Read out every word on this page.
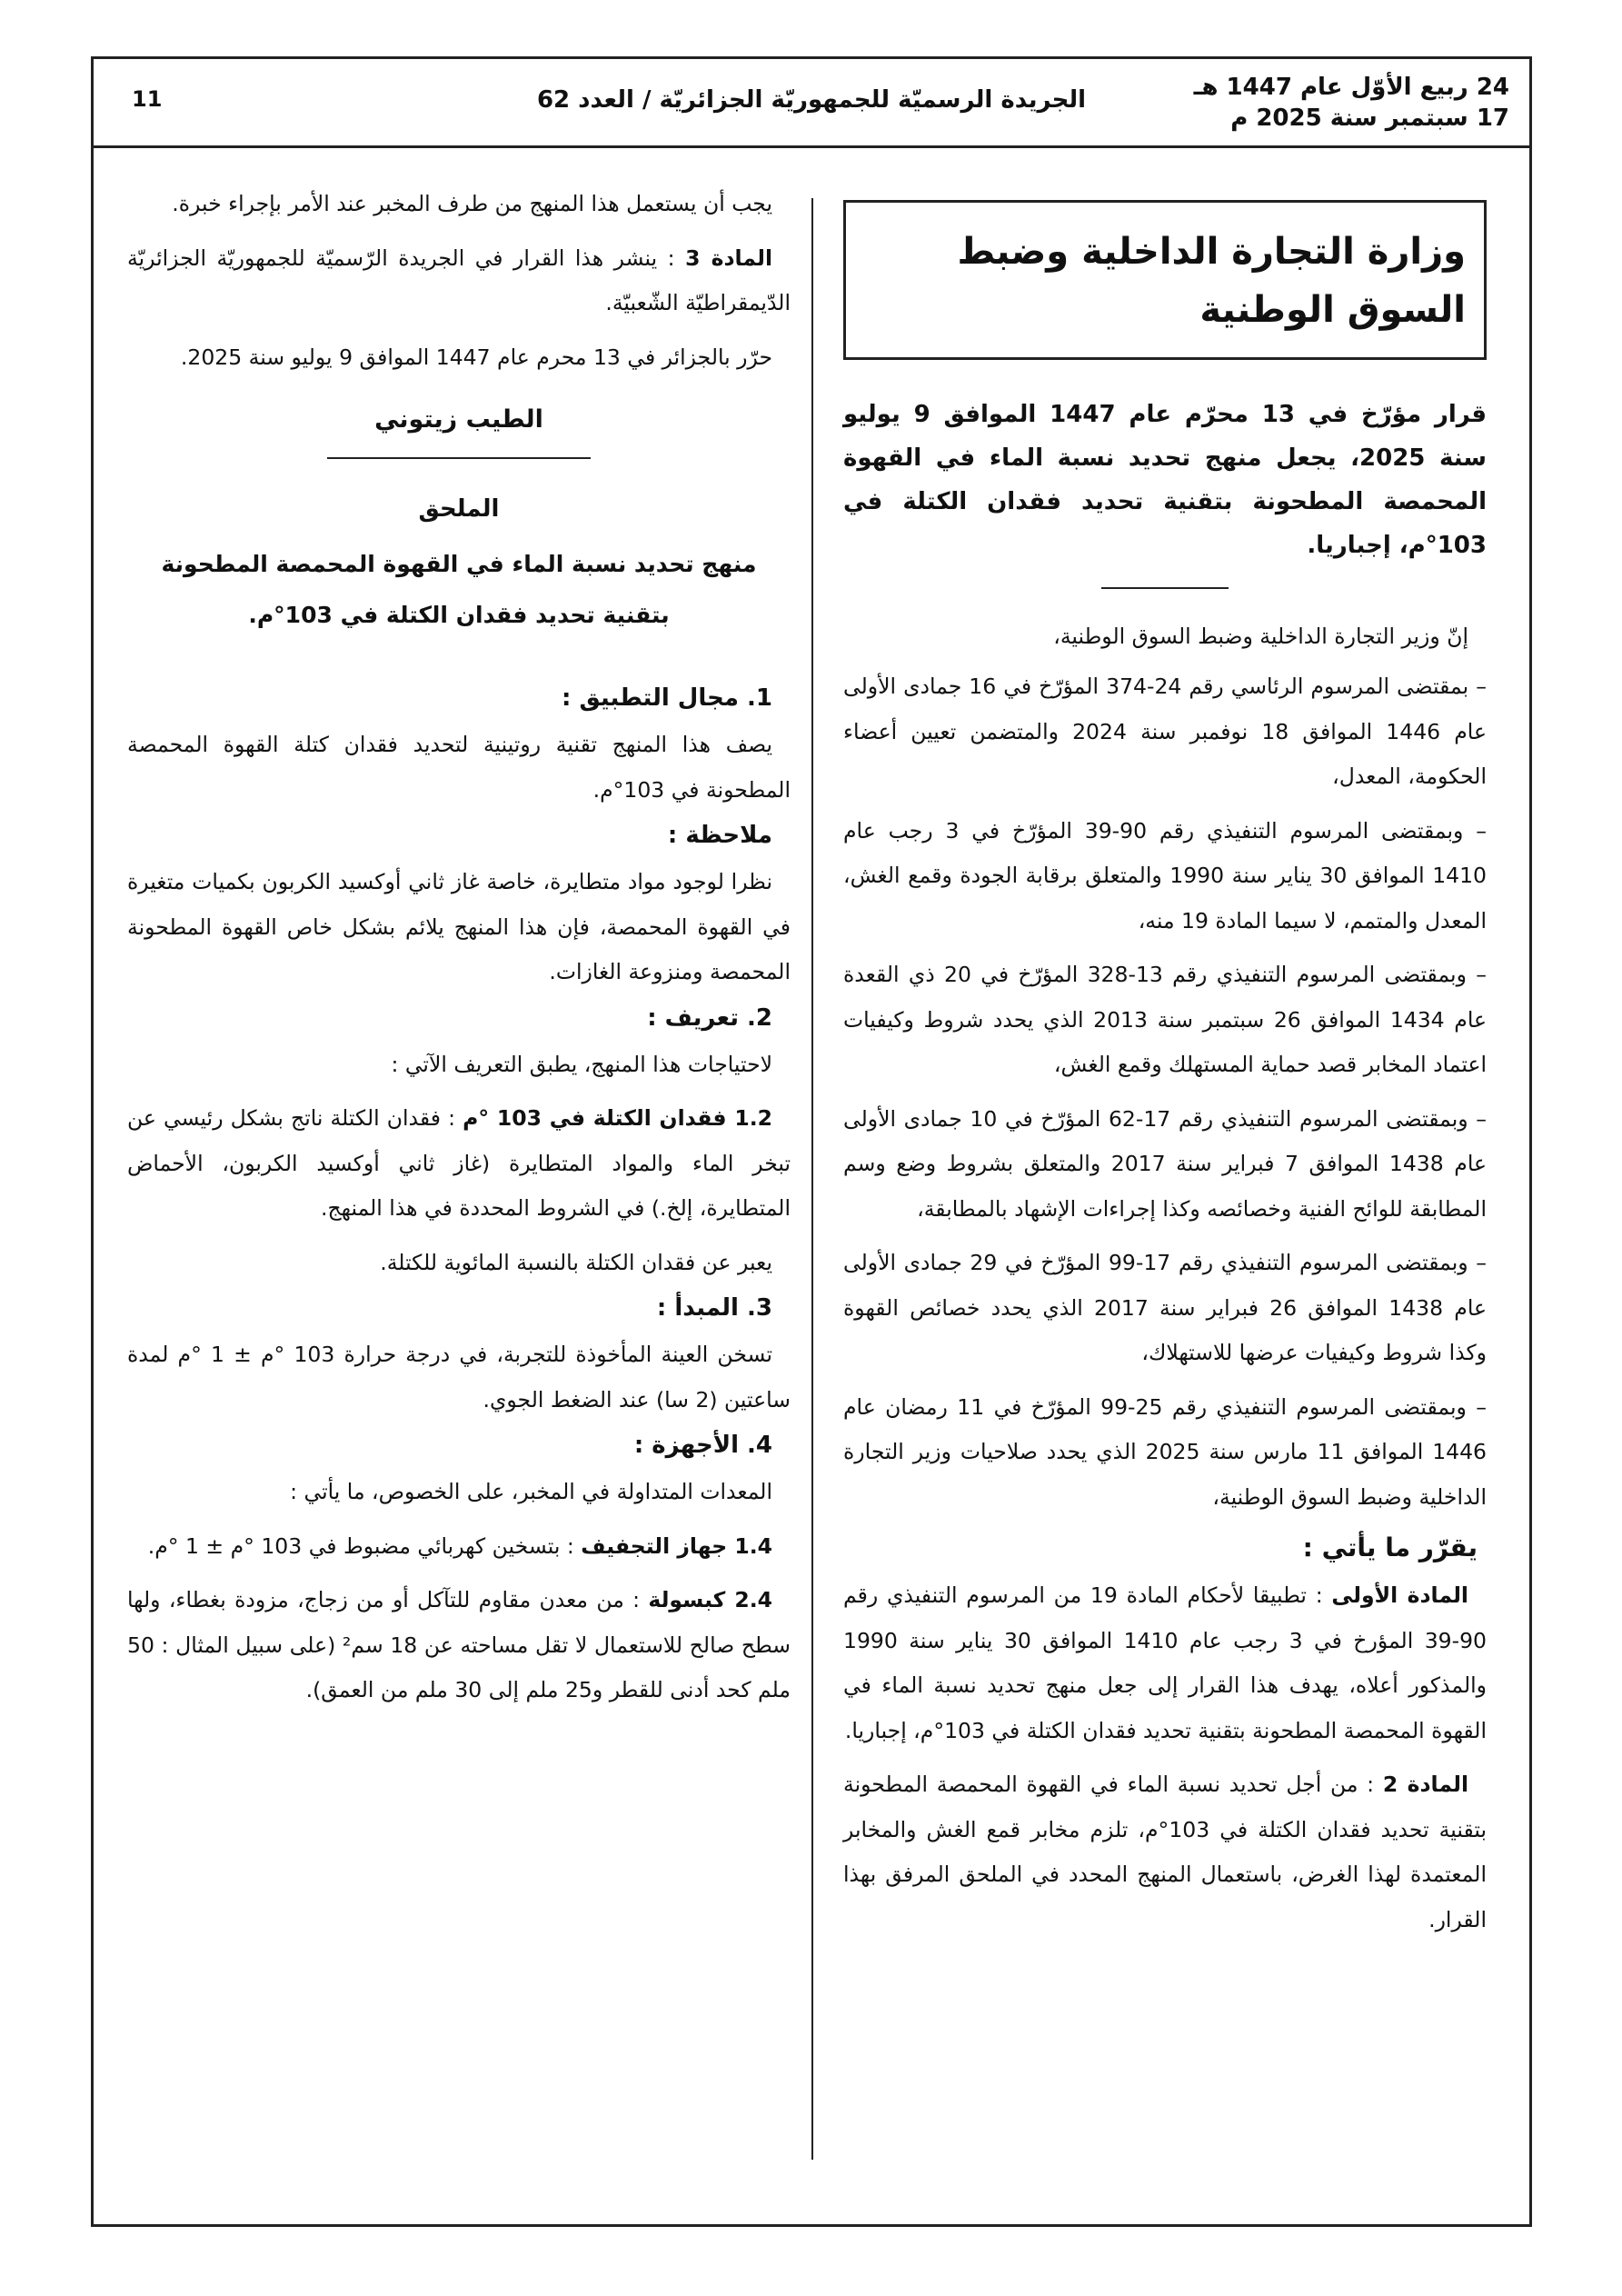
24 ربيع الأوّل عام 1447 هـ
17 سبتمبر سنة 2025 م
الجريدة الرسميّة للجمهوريّة الجزائريّة / العدد 62
11
وزارة التجارة الداخلية وضبط السوق الوطنية
قرار مؤرّخ في 13 محرّم عام 1447 الموافق 9 يوليو سنة 2025، يجعل منهج تحديد نسبة الماء في القهوة المحمصة المطحونة بتقنية تحديد فقدان الكتلة في 103°م، إجباريا.
إنّ وزير التجارة الداخلية وضبط السوق الوطنية،

– بمقتضى المرسوم الرئاسي رقم 24-374 المؤرّخ في 16 جمادى الأولى عام 1446 الموافق 18 نوفمبر سنة 2024 والمتضمن تعيين أعضاء الحكومة، المعدل،

– وبمقتضى المرسوم التنفيذي رقم 90-39 المؤرّخ في 3 رجب عام 1410 الموافق 30 يناير سنة 1990 والمتعلق برقابة الجودة وقمع الغش، المعدل والمتمم، لا سيما المادة 19 منه،

– وبمقتضى المرسوم التنفيذي رقم 13-328 المؤرّخ في 20 ذي القعدة عام 1434 الموافق 26 سبتمبر سنة 2013 الذي يحدد شروط وكيفيات اعتماد المخابر قصد حماية المستهلك وقمع الغش،

– وبمقتضى المرسوم التنفيذي رقم 17-62 المؤرّخ في 10 جمادى الأولى عام 1438 الموافق 7 فبراير سنة 2017 والمتعلق بشروط وضع وسم المطابقة للوائح الفنية وخصائصه وكذا إجراءات الإشهاد بالمطابقة،

– وبمقتضى المرسوم التنفيذي رقم 17-99 المؤرّخ في 29 جمادى الأولى عام 1438 الموافق 26 فبراير سنة 2017 الذي يحدد خصائص القهوة وكذا شروط وكيفيات عرضها للاستهلاك،

– وبمقتضى المرسوم التنفيذي رقم 25-99 المؤرّخ في 11 رمضان عام 1446 الموافق 11 مارس سنة 2025 الذي يحدد صلاحيات وزير التجارة الداخلية وضبط السوق الوطنية،

يقرّر ما يأتي :

المادة الأولى : تطبيقا لأحكام المادة 19 من المرسوم التنفيذي رقم 90-39 المؤرخ في 3 رجب عام 1410 الموافق 30 يناير سنة 1990 والمذكور أعلاه، يهدف هذا القرار إلى جعل منهج تحديد نسبة الماء في القهوة المحمصة المطحونة بتقنية تحديد فقدان الكتلة في 103°م، إجباريا.

المادة 2 : من أجل تحديد نسبة الماء في القهوة المحمصة المطحونة بتقنية تحديد فقدان الكتلة في 103°م، تلزم مخابر قمع الغش والمخابر المعتمدة لهذا الغرض، باستعمال المنهج المحدد في الملحق المرفق بهذا القرار.

يجب أن يستعمل هذا المنهج من طرف المخبر عند الأمر بإجراء خبرة.

المادة 3 : ينشر هذا القرار في الجريدة الرّسميّة للجمهوريّة الجزائريّة الدّيمقراطيّة الشّعبيّة.

حرّر بالجزائر في 13 محرم عام 1447 الموافق 9 يوليو سنة 2025.

الطيب زيتوني
الملحق
منهج تحديد نسبة الماء في القهوة المحمصة المطحونة بتقنية تحديد فقدان الكتلة في 103°م.
1. مجال التطبيق :

يصف هذا المنهج تقنية روتينية لتحديد فقدان كتلة القهوة المحمصة المطحونة في 103°م.

ملاحظة :

نظرا لوجود مواد متطايرة، خاصة غاز ثاني أوكسيد الكربون بكميات متغيرة في القهوة المحمصة، فإن هذا المنهج يلائم بشكل خاص القهوة المطحونة المحمصة ومنزوعة الغازات.

2. تعريف :

لاحتياجات هذا المنهج، يطبق التعريف الآتي :

1.2 فقدان الكتلة في 103 °م : فقدان الكتلة ناتج بشكل رئيسي عن تبخر الماء والمواد المتطايرة (غاز ثاني أوكسيد الكربون، الأحماض المتطايرة، إلخ.) في الشروط المحددة في هذا المنهج.

يعبر عن فقدان الكتلة بالنسبة المائوية للكتلة.

3. المبدأ :

تسخن العينة المأخوذة للتجربة، في درجة حرارة 103 °م ± 1 °م لمدة ساعتين (2 سا) عند الضغط الجوي.

4. الأجهزة :

المعدات المتداولة في المخبر، على الخصوص، ما يأتي :

1.4 جهاز التجفيف : بتسخين كهربائي مضبوط في 103 °م ± 1 °م.

2.4 كبسولة : من معدن مقاوم للتآكل أو من زجاج، مزودة بغطاء، ولها سطح صالح للاستعمال لا تقل مساحته عن 18 سم² (على سبيل المثال : 50 ملم كحد أدنى للقطر و25 ملم إلى 30 ملم من العمق).
